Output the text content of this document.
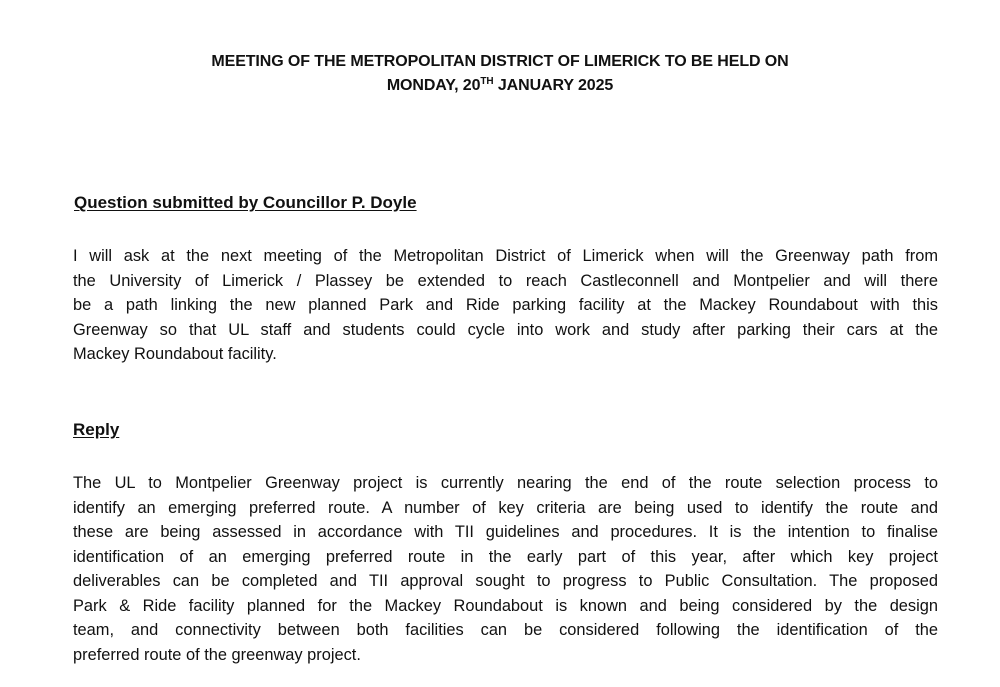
MEETING OF THE METROPOLITAN DISTRICT OF LIMERICK TO BE HELD ON

MONDAY, 20TH JANUARY 2025

Question submitted by Councillor P. Doyle

I will ask at the next meeting of the Metropolitan District of Limerick when will the Greenway path from
the University of Limerick / Plassey be extended to reach Castleconnell and Montpelier and will there
be a path linking the new planned Park and Ride parking facility at the Mackey Roundabout with this
Greenway so that UL staff and students could cycle into work and study after parking their cars at the
Mackey Roundabout facility.

Reply

The UL to Montpelier Greenway project is currently nearing the end of the route selection process to
identify an emerging preferred route. A number of key criteria are being used to identify the route and
these are being assessed in accordance with TII guidelines and procedures. It is the intention to finalise
identification of an emerging preferred route in the early part of this year, after which key project
deliverables can be completed and TII approval sought to progress to Public Consultation. The proposed
Park & Ride facility planned for the Mackey Roundabout is known and being considered by the design
team, and connectivity between both facilities can be considered following the identification of the
preferred route of the greenway project.
